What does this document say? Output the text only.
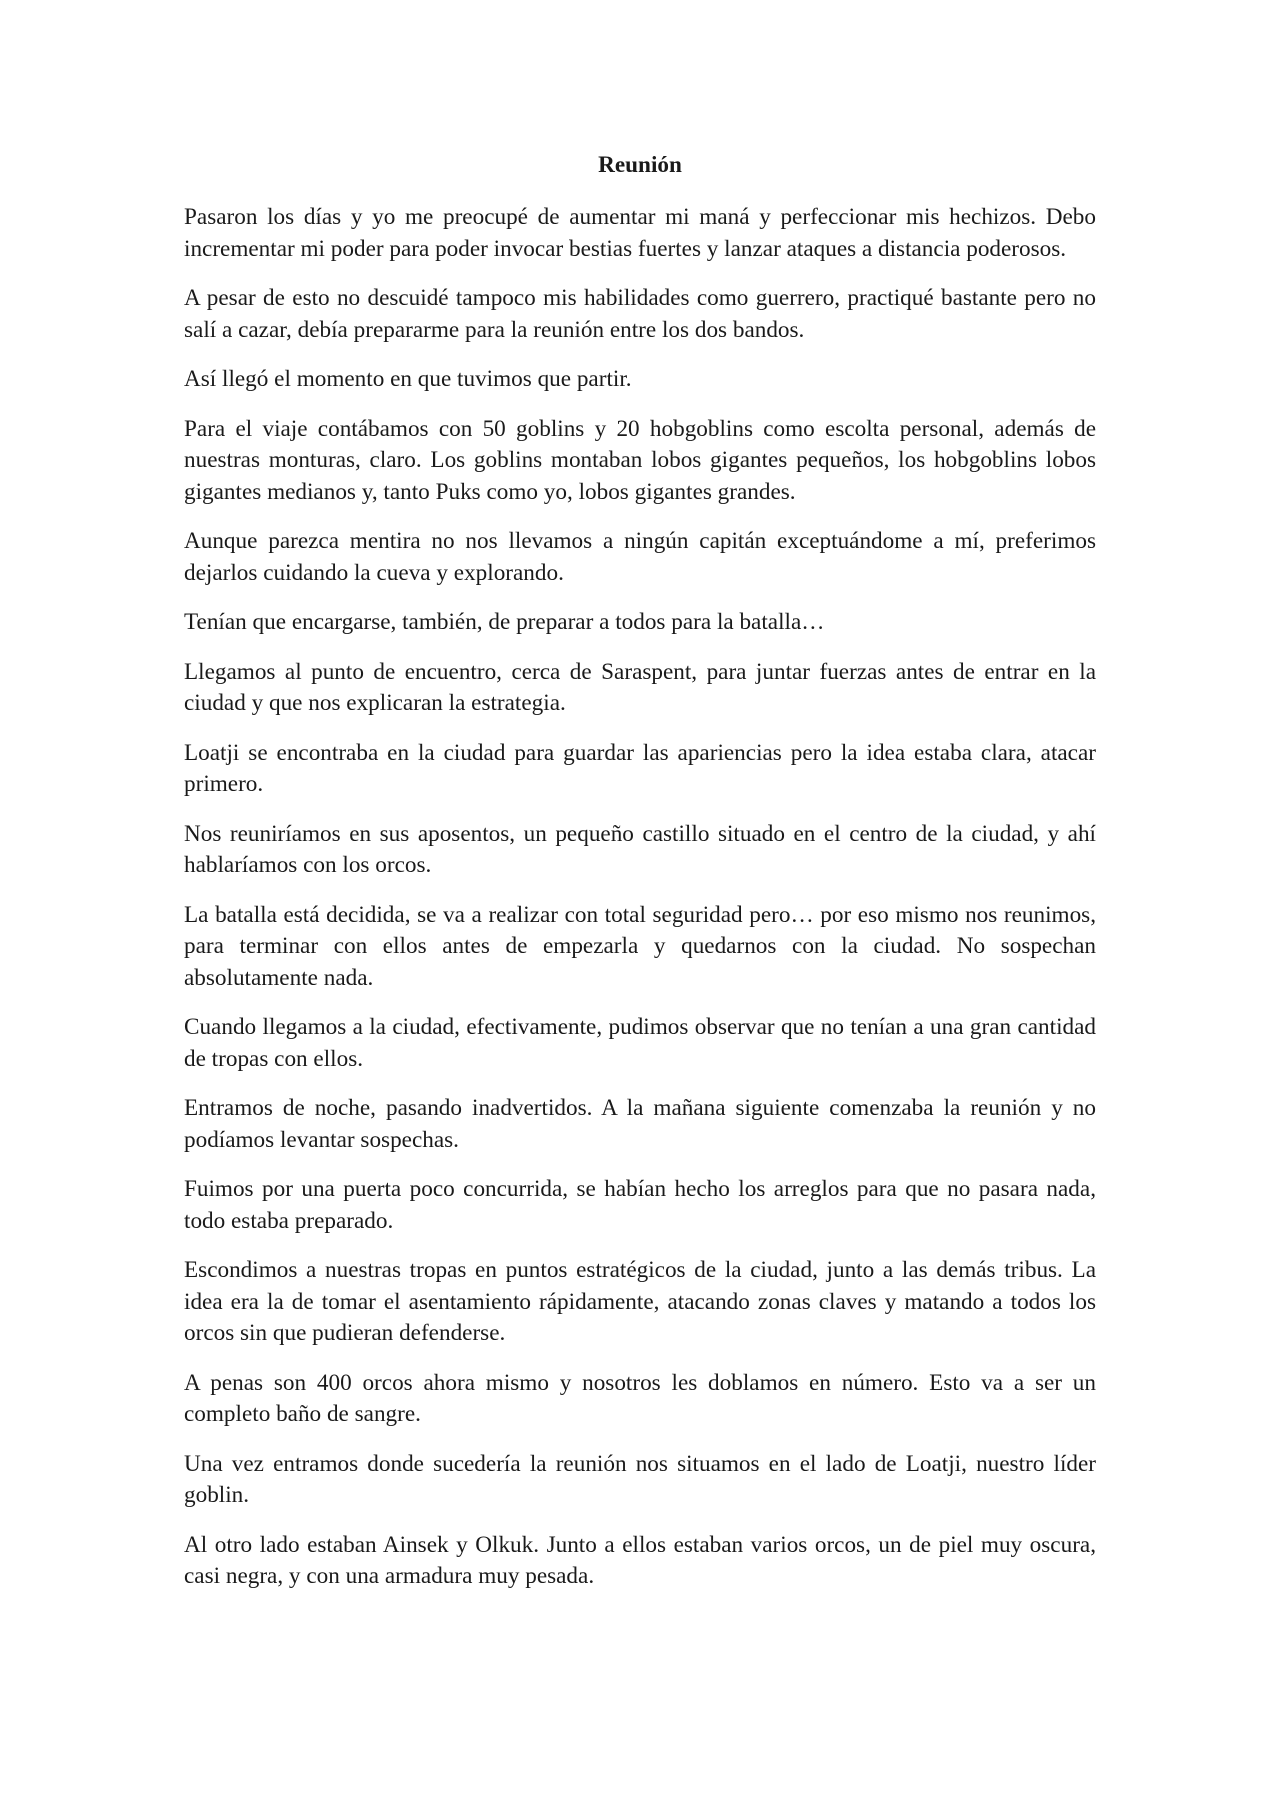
Reunión

Pasaron los días y yo me preocupé de aumentar mi maná y perfeccionar mis hechizos. Debo incrementar mi poder para poder invocar bestias fuertes y lanzar ataques a distancia poderosos.

A pesar de esto no descuidé tampoco mis habilidades como guerrero, practiqué bastante pero no salí a cazar, debía prepararme para la reunión entre los dos bandos.

Así llegó el momento en que tuvimos que partir.

Para el viaje contábamos con 50 goblins y 20 hobgoblins como escolta personal, además de nuestras monturas, claro. Los goblins montaban lobos gigantes pequeños, los hobgoblins lobos gigantes medianos y, tanto Puks como yo, lobos gigantes grandes.

Aunque parezca mentira no nos llevamos a ningún capitán exceptuándome a mí, preferimos dejarlos cuidando la cueva y explorando.

Tenían que encargarse, también, de preparar a todos para la batalla…

Llegamos al punto de encuentro, cerca de Saraspent, para juntar fuerzas antes de entrar en la ciudad y que nos explicaran la estrategia.

Loatji se encontraba en la ciudad para guardar las apariencias pero la idea estaba clara, atacar primero.

Nos reuniríamos en sus aposentos, un pequeño castillo situado en el centro de la ciudad, y ahí hablaríamos con los orcos.

La batalla está decidida, se va a realizar con total seguridad pero… por eso mismo nos reunimos, para terminar con ellos antes de empezarla y quedarnos con la ciudad. No sospechan absolutamente nada.

Cuando llegamos a la ciudad, efectivamente, pudimos observar que no tenían a una gran cantidad de tropas con ellos.

Entramos de noche, pasando inadvertidos. A la mañana siguiente comenzaba la reunión y no podíamos levantar sospechas.

Fuimos por una puerta poco concurrida, se habían hecho los arreglos para que no pasara nada, todo estaba preparado.

Escondimos a nuestras tropas en puntos estratégicos de la ciudad, junto a las demás tribus. La idea era la de tomar el asentamiento rápidamente, atacando zonas claves y matando a todos los orcos sin que pudieran defenderse.

A penas son 400 orcos ahora mismo y nosotros les doblamos en número. Esto va a ser un completo baño de sangre.

Una vez entramos donde sucedería la reunión nos situamos en el lado de Loatji, nuestro líder goblin.

Al otro lado estaban Ainsek y Olkuk. Junto a ellos estaban varios orcos, un de piel muy oscura, casi negra, y con una armadura muy pesada.
